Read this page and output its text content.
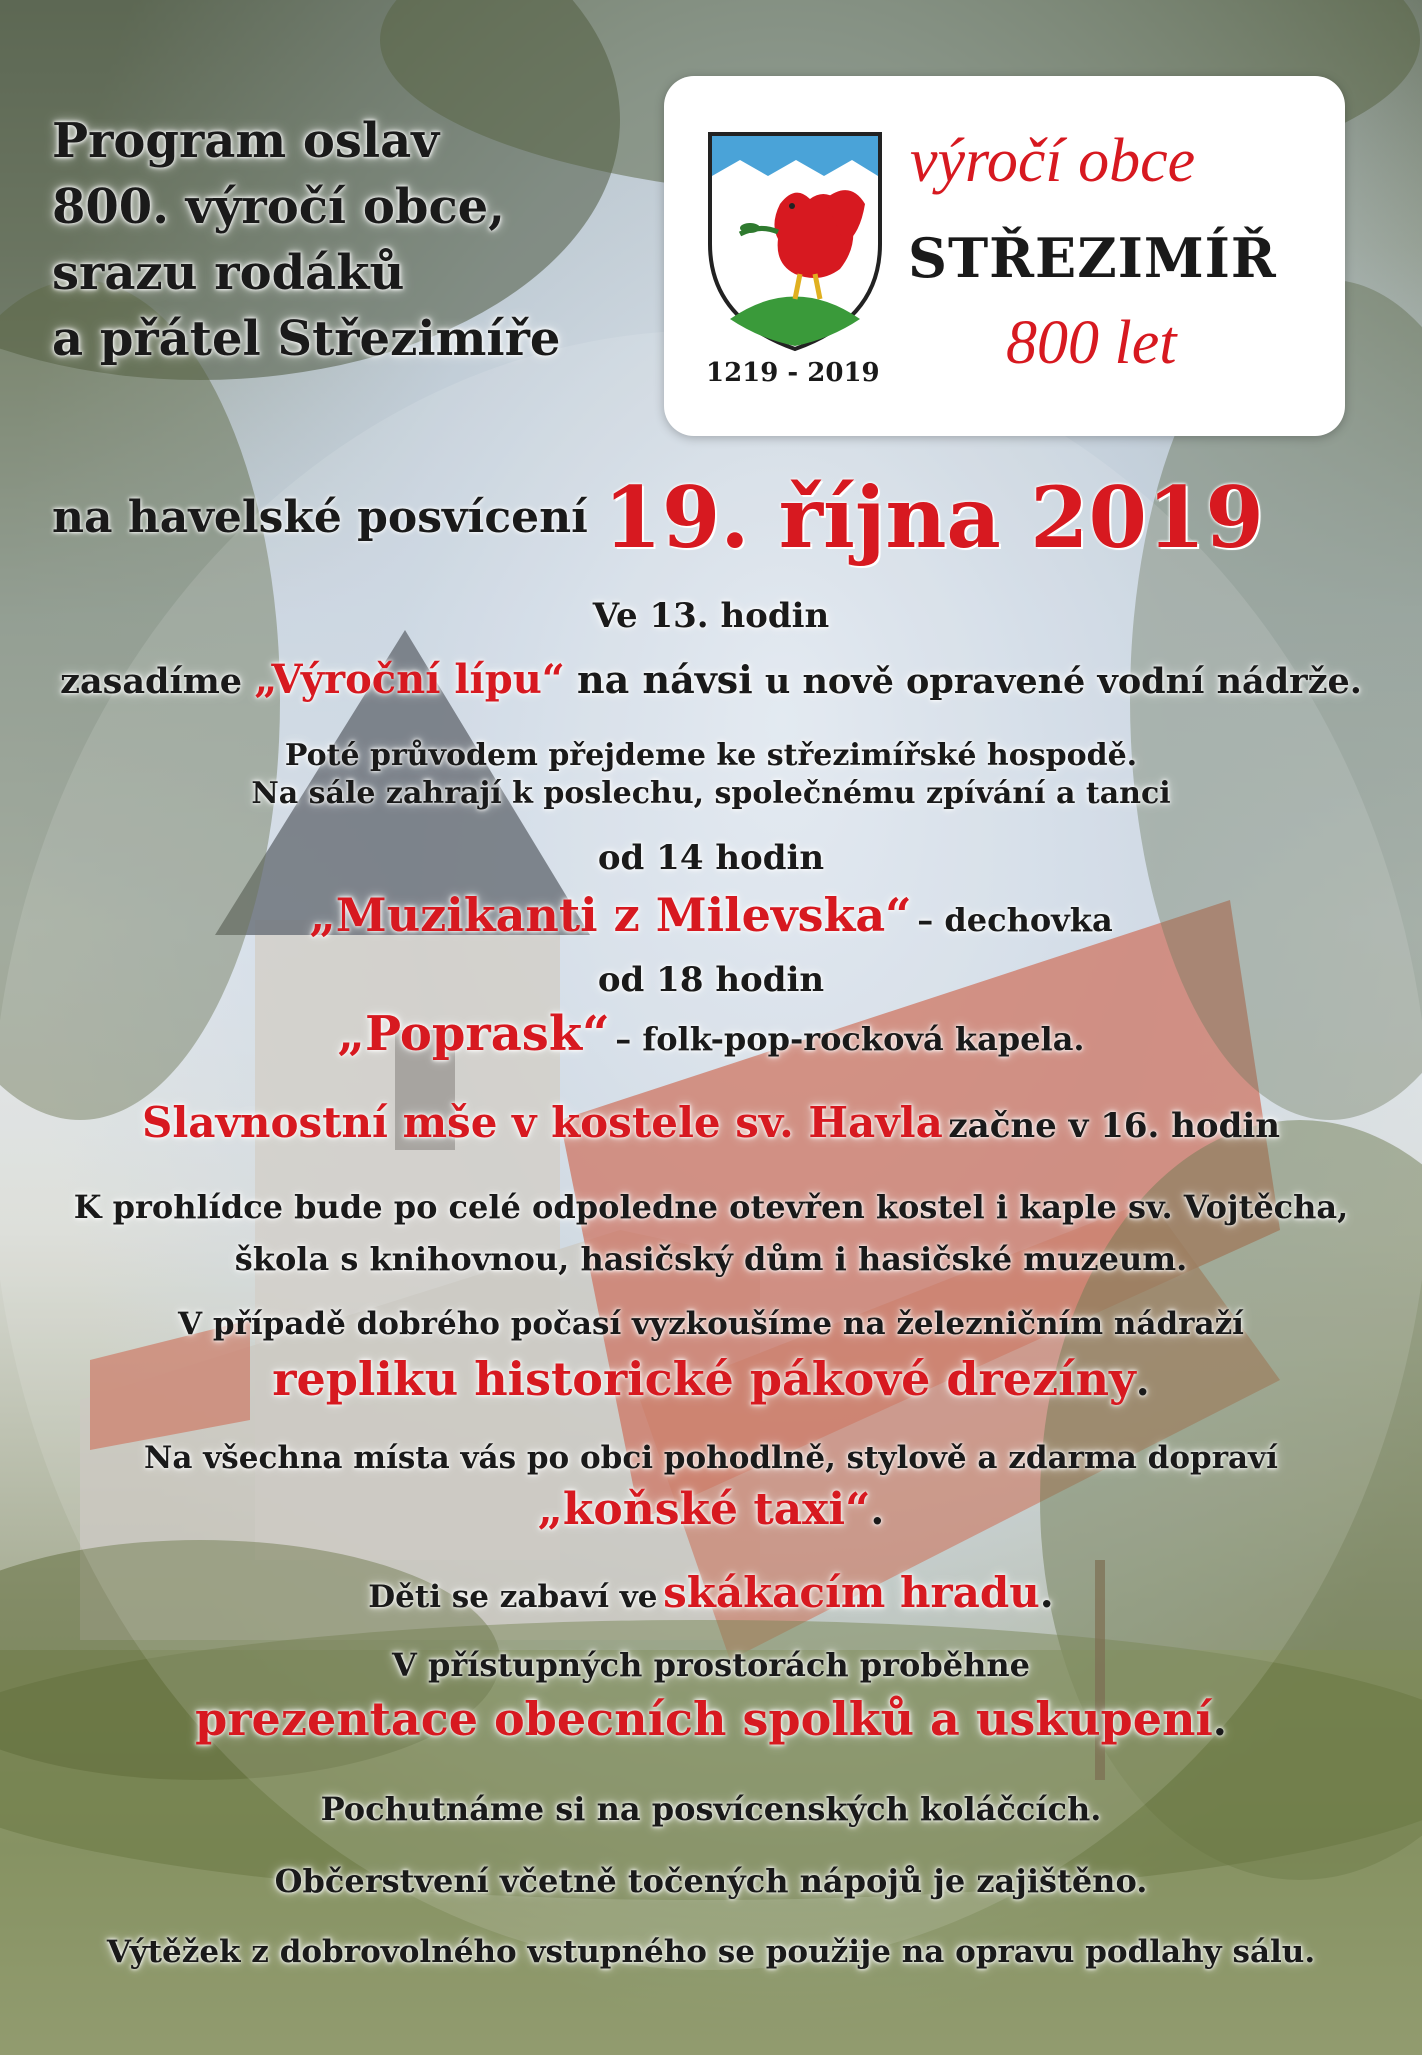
Program oslav
800. výročí obce,
srazu rodáků
a přátel Střezimíře
výročí obce
STŘEZIMÍŘ
800 let
1219 - 2019
na havelské posvícení 19. října 2019
Ve 13. hodin
zasadíme „Výroční lípu“ na návsi u nově opravené vodní nádrže.
Poté průvodem přejdeme ke střezimířské hospodě.
Na sále zahrají k poslechu, společnému zpívání a tanci
od 14 hodin
„Muzikanti z Milevska“ – dechovka
od 18 hodin
„Poprask“ – folk-pop-rocková kapela.
Slavnostní mše v kostele sv. Havla začne v 16. hodin
K prohlídce bude po celé odpoledne otevřen kostel i kaple sv. Vojtěcha,
škola s knihovnou, hasičský dům i hasičské muzeum.
V případě dobrého počasí vyzkoušíme na železničním nádraží
repliku historické pákové drezíny.
Na všechna místa vás po obci pohodlně, stylově a zdarma dopraví
„koňské taxi“.
Děti se zabaví ve skákacím hradu.
V přístupných prostorách proběhne
prezentace obecních spolků a uskupení.
Pochutnáme si na posvícenských koláčcích.
Občerstvení včetně točených nápojů je zajištěno.
Výtěžek z dobrovolného vstupného se použije na opravu podlahy sálu.
